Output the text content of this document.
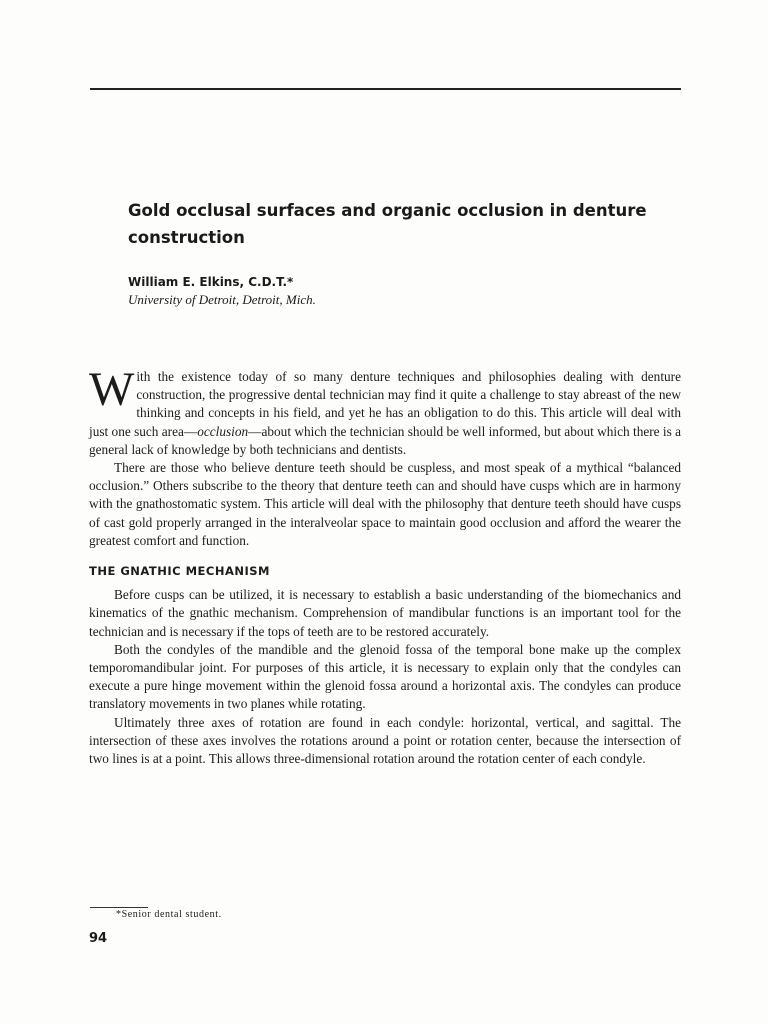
Gold occlusal surfaces and organic occlusion in denture construction
William E. Elkins, C.D.T.*
University of Detroit, Detroit, Mich.

With the existence today of so many denture techniques and philosophies dealing with denture construction, the progressive dental technician may find it quite a challenge to stay abreast of the new thinking and concepts in his field, and yet he has an obligation to do this. This article will deal with just one such area—occlusion—about which the technician should be well informed, but about which there is a general lack of knowledge by both technicians and dentists.

There are those who believe denture teeth should be cuspless, and most speak of a mythical “balanced occlusion.” Others subscribe to the theory that denture teeth can and should have cusps which are in harmony with the gnathostomatic system. This article will deal with the philosophy that denture teeth should have cusps of cast gold properly arranged in the interalveolar space to maintain good occlusion and afford the wearer the greatest comfort and function.

THE GNATHIC MECHANISM

Before cusps can be utilized, it is necessary to establish a basic understanding of the biomechanics and kinematics of the gnathic mechanism. Comprehension of mandibular functions is an important tool for the technician and is necessary if the tops of teeth are to be restored accurately.

Both the condyles of the mandible and the glenoid fossa of the temporal bone make up the complex temporomandibular joint. For purposes of this article, it is necessary to explain only that the condyles can execute a pure hinge movement within the glenoid fossa around a horizontal axis. The condyles can produce translatory movements in two planes while rotating.

Ultimately three axes of rotation are found in each condyle: horizontal, vertical, and sagittal. The intersection of these axes involves the rotations around a point or rotation center, because the intersection of two lines is at a point. This allows three-dimensional rotation around the rotation center of each condyle.

*Senior dental student.
94
